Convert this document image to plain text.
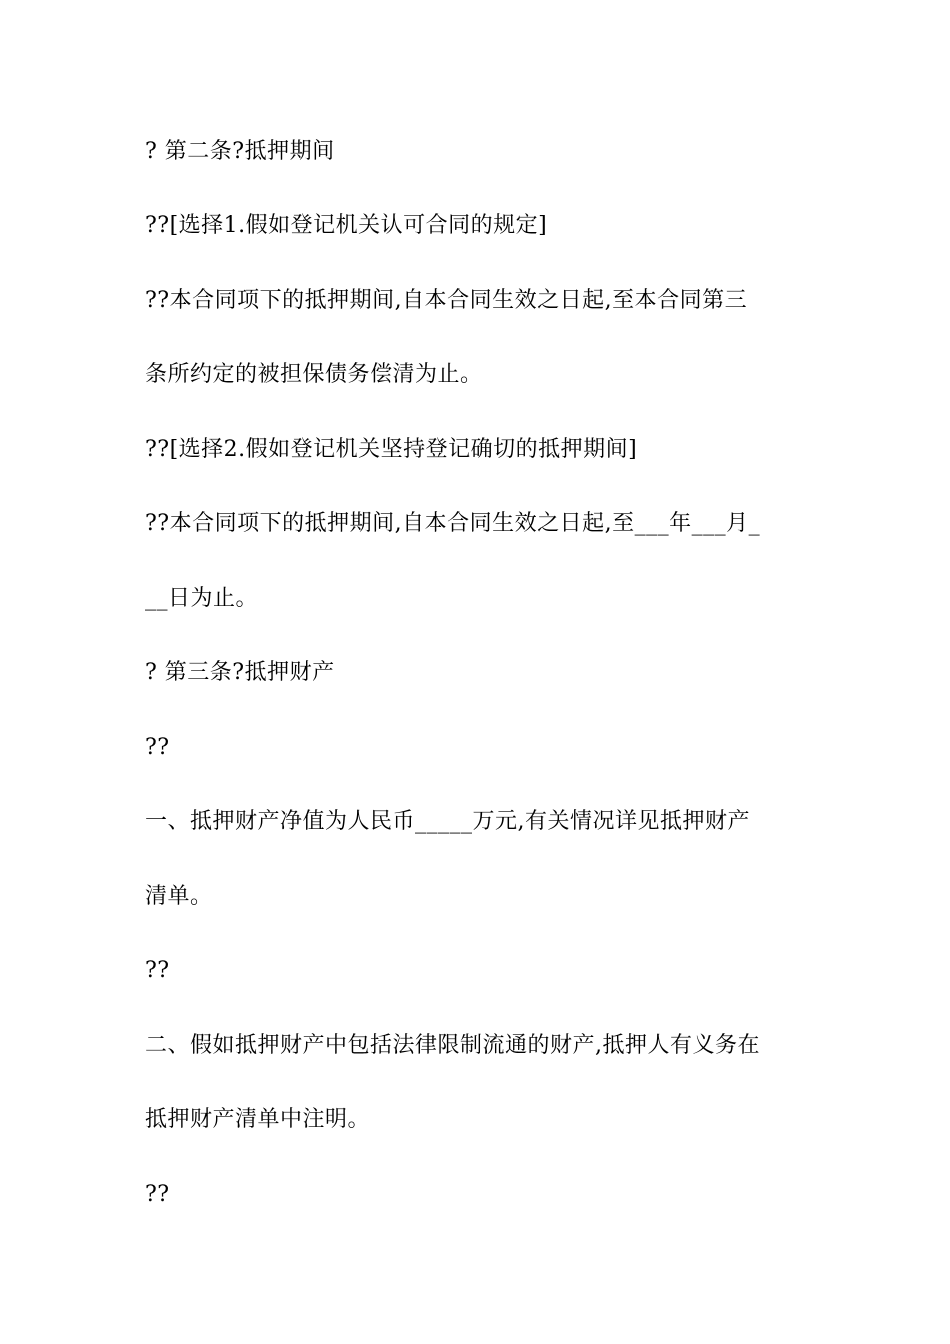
? 第二条?抵押期间
??[选择1.假如登记机关认可合同的规定]
??本合同项下的抵押期间,自本合同生效之日起,至本合同第三
条所约定的被担保债务偿清为止。
??[选择2.假如登记机关坚持登记确切的抵押期间]
??本合同项下的抵押期间,自本合同生效之日起,至___年___月_
__日为止。
? 第三条?抵押财产
??
一、抵押财产净值为人民币_____万元,有关情况详见抵押财产
清单。
??
二、假如抵押财产中包括法律限制流通的财产,抵押人有义务在
抵押财产清单中注明。
??
